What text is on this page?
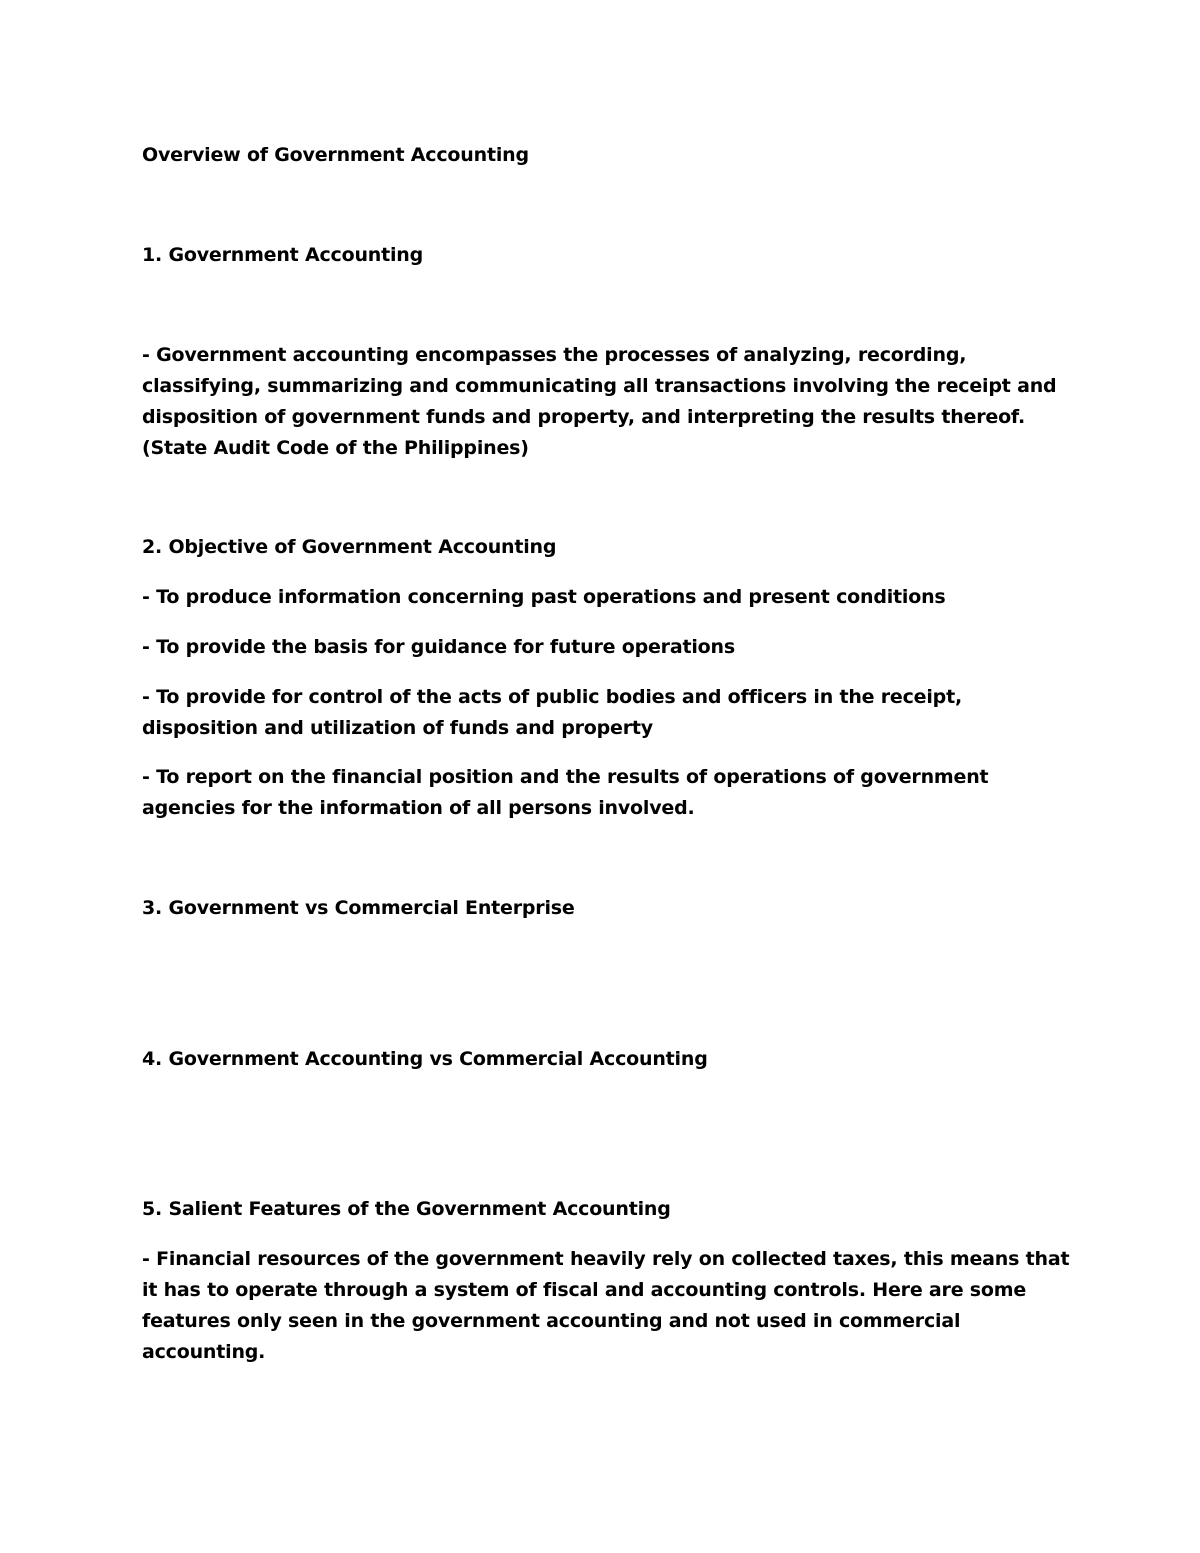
Overview of Government Accounting

1. Government Accounting

- Government accounting encompasses the processes of analyzing, recording, classifying, summarizing and communicating all transactions involving the receipt and disposition of government funds and property, and interpreting the results thereof. (State Audit Code of the Philippines)

2. Objective of Government Accounting

- To produce information concerning past operations and present conditions

- To provide the basis for guidance for future operations

- To provide for control of the acts of public bodies and officers in the receipt, disposition and utilization of funds and property

- To report on the financial position and the results of operations of government agencies for the information of all persons involved.

3. Government vs Commercial Enterprise

4. Government Accounting vs Commercial Accounting

5. Salient Features of the Government Accounting

- Financial resources of the government heavily rely on collected taxes, this means that it has to operate through a system of fiscal and accounting controls. Here are some features only seen in the government accounting and not used in commercial accounting.
